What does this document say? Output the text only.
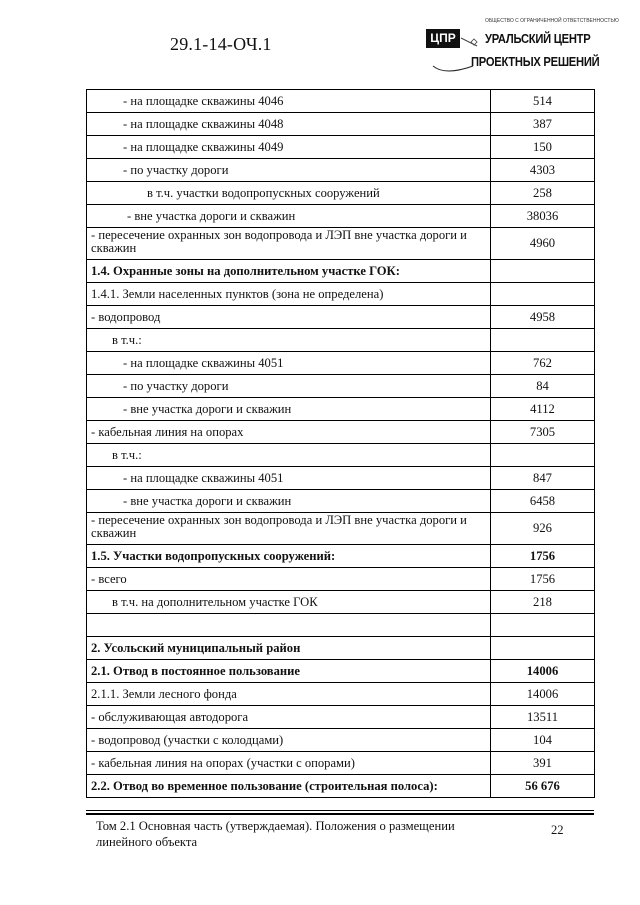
29.1-14-ОЧ.1	ЦПР
ОБЩЕСТВО С ОГРАНИЧЕННОЙ ОТВЕТСТВЕННОСТЬЮ
УРАЛЬСКИЙ ЦЕНТР
ПРОЕКТНЫХ РЕШЕНИЙ
- на площадке скважины 4046	514
- на площадке скважины 4048	387
- на площадке скважины 4049	150
- по участку дороги	4303
в т.ч. участки водопропускных сооружений	258
- вне участка дороги и скважин	38036
- пересечение охранных зон водопровода и ЛЭП вне участка дороги и скважин	4960
1.4. Охранные зоны на дополнительном участке ГОК:	
1.4.1. Земли населенных пунктов (зона не определена)	
- водопровод	4958
в т.ч.:	
- на площадке скважины 4051	762
- по участку дороги	84
- вне участка дороги и скважин	4112
- кабельная линия на опорах	7305
в т.ч.:	
- на площадке скважины 4051	847
- вне участка дороги и скважин	6458
- пересечение охранных зон водопровода и ЛЭП вне участка дороги и скважин	926
1.5. Участки водопропускных сооружений:	1756
- всего	1756
в т.ч. на дополнительном участке ГОК	218

2. Усольский муниципальный район	
2.1. Отвод в постоянное пользование	14006
2.1.1. Земли лесного фонда	14006
- обслуживающая автодорога	13511
- водопровод (участки с колодцами)	104
- кабельная линия на опорах (участки с опорами)	391
2.2. Отвод во временное пользование (строительная полоса):	56 676
Том 2.1 Основная часть (утверждаемая). Положения о размещении линейного объекта
22
